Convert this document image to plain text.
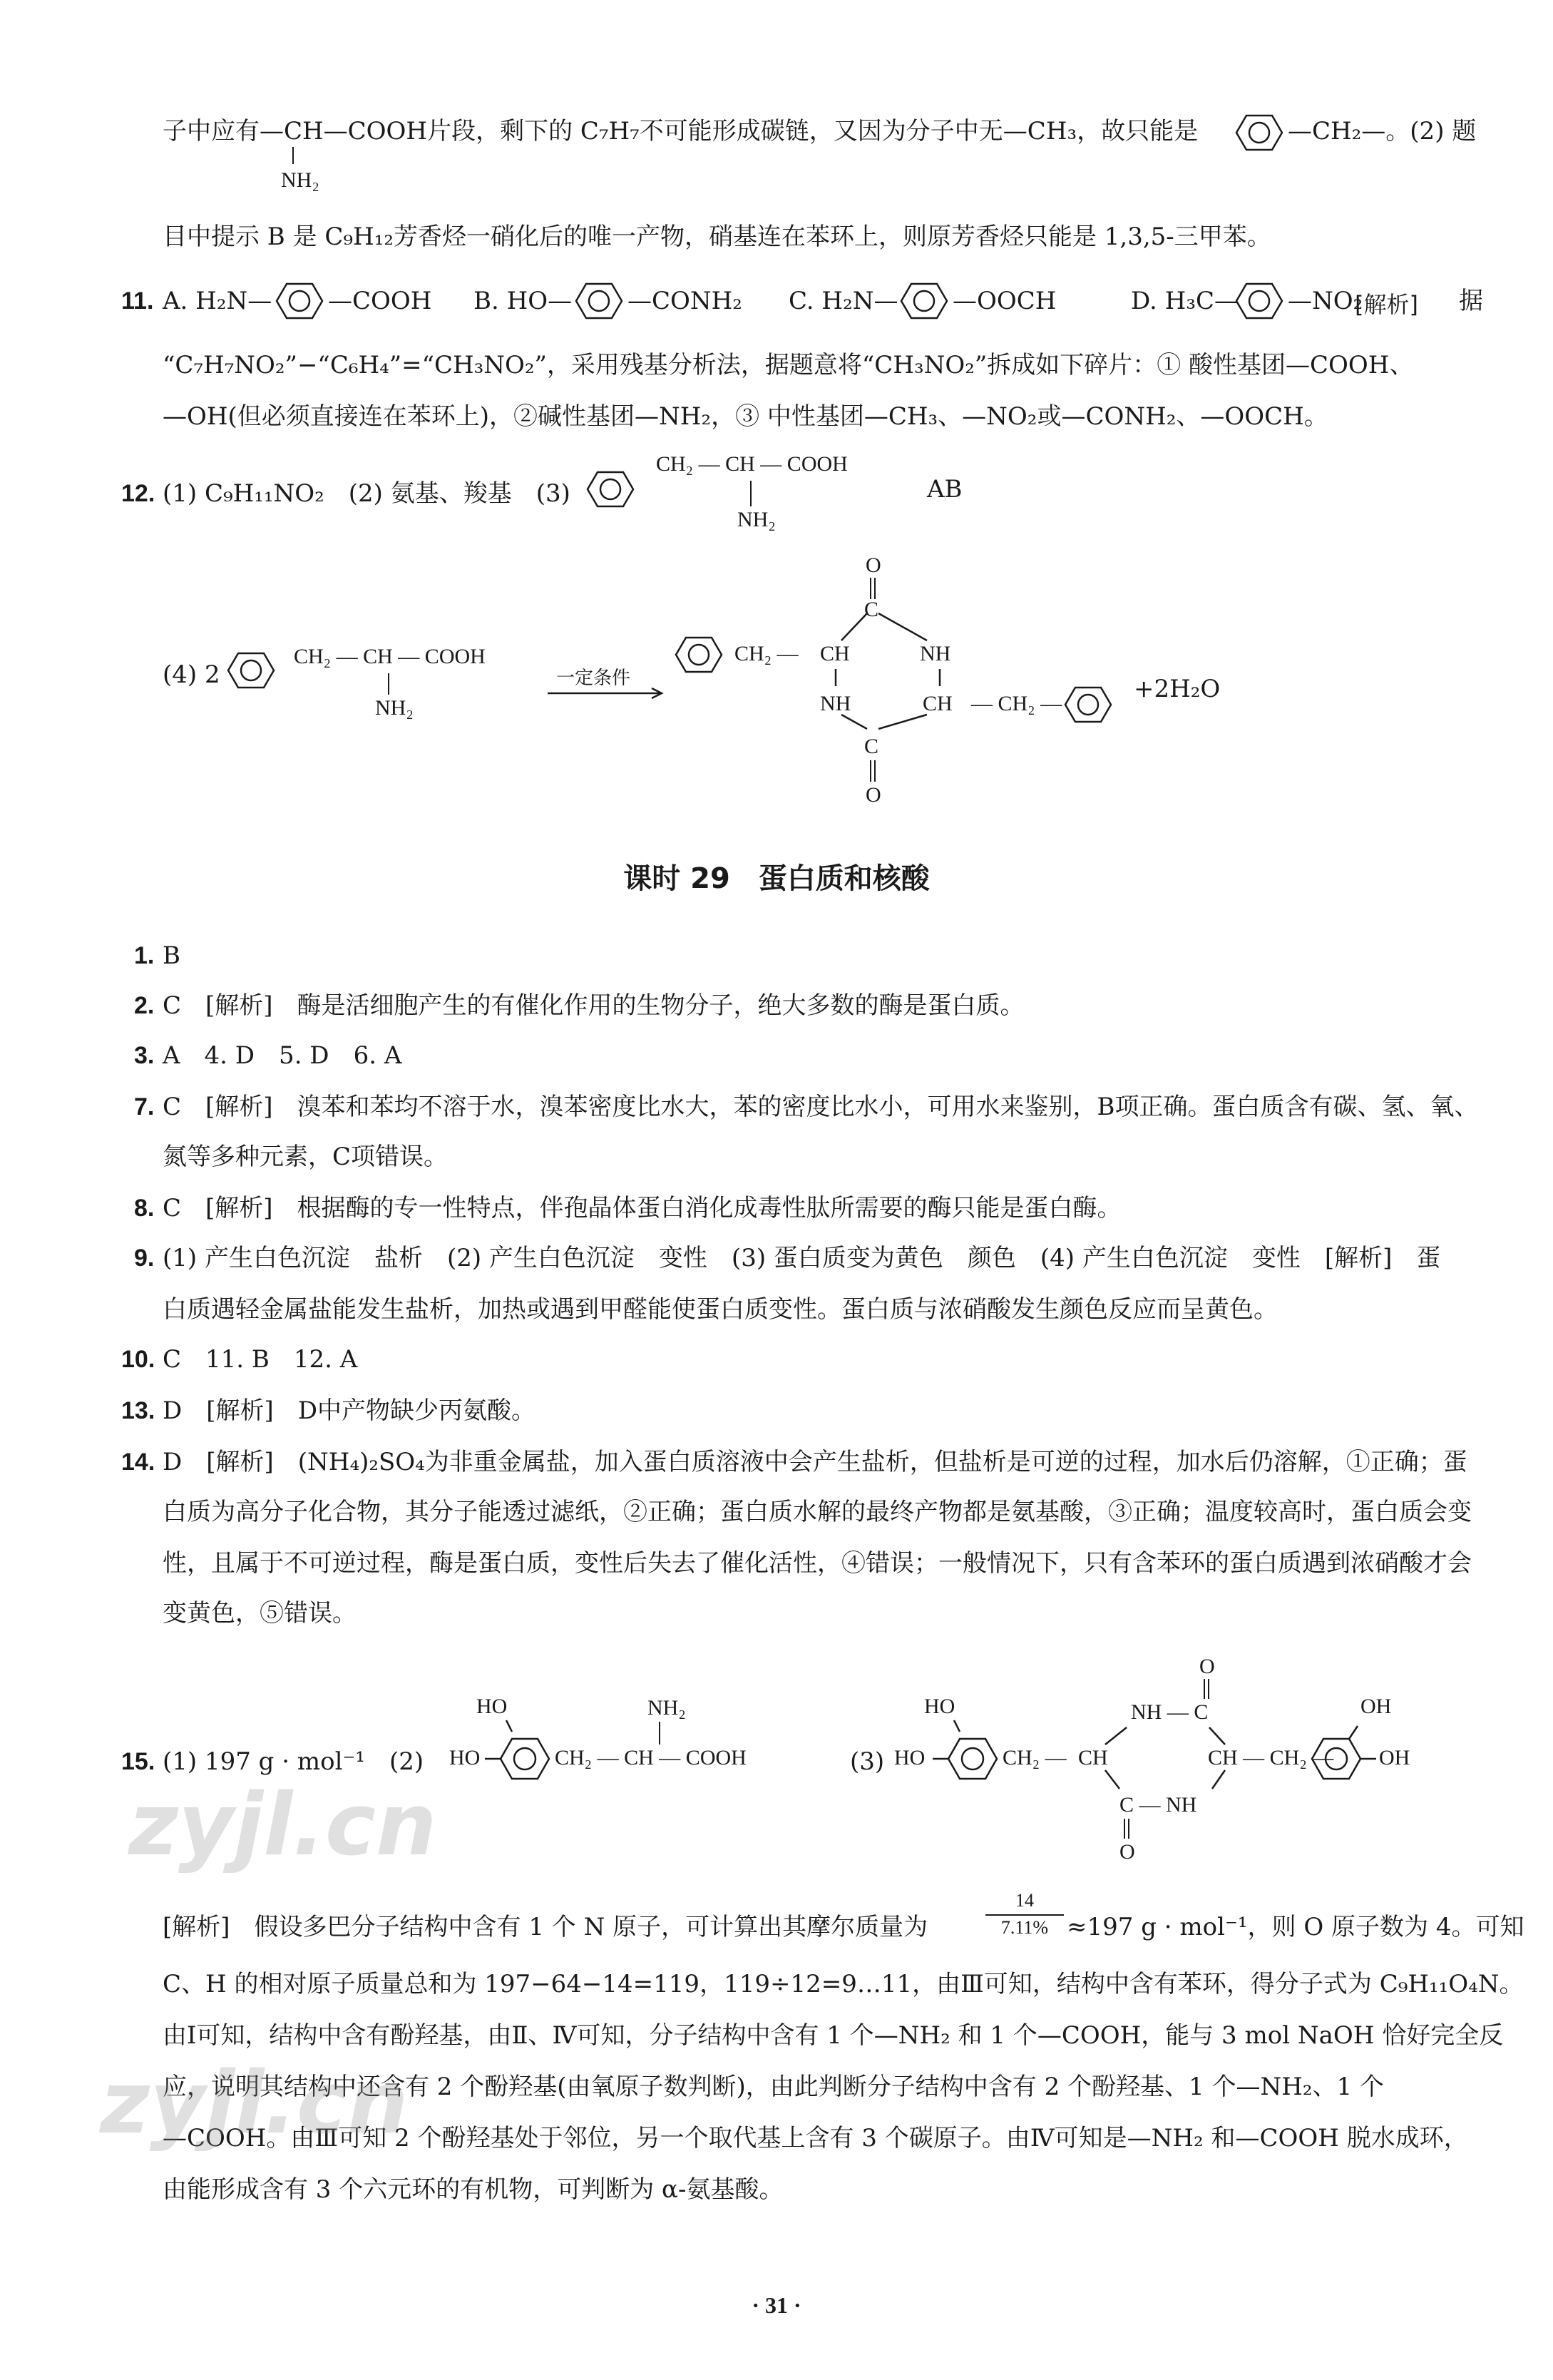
子中应有—CH—COOH片段，剩下的 C₇H₇不可能形成碳链，又因为分子中无—CH₃，故只能是	—CH₂—。(2) 题
NH₂
目中提示 B 是 C₉H₁₂芳香烃一硝化后的唯一产物，硝基连在苯环上，则原芳香烃只能是 1,3,5-三甲苯。
11. A. H₂N— —COOH B. HO— —CONH₂ C. H₂N— —OOCH	D. H₃C— —NO₂
[解析] 据
“C₇H₇NO₂”−“C₆H₄”=“CH₃NO₂”，采用残基分析法，据题意将“CH₃NO₂”拆成如下碎片：① 酸性基团—COOH、
—OH(但必须直接连在苯环上)，②碱性基团—NH₂，③ 中性基团—CH₃、—NO₂或—CONH₂、—OOCH。
12. (1) C₉H₁₁NO₂　(2) 氨基、羧基　(3)
CH₂ — CH — COOH
NH₂
AB
(4) 2
CH₂ — CH — COOH
NH₂
一定条件
O
C
CH₂ — CH	NH
NH	CH — CH₂ —
+2H₂O
C
O
课时 29　蛋白质和核酸
1. B
2. C　[解析]　酶是活细胞产生的有催化作用的生物分子，绝大多数的酶是蛋白质。
3. A　4. D　5. D　6. A
7. C　[解析]　溴苯和苯均不溶于水，溴苯密度比水大，苯的密度比水小，可用水来鉴别，B项正确。蛋白质含有碳、氢、氧、
氮等多种元素，C项错误。
8. C　[解析]　根据酶的专一性特点，伴孢晶体蛋白消化成毒性肽所需要的酶只能是蛋白酶。
9. (1) 产生白色沉淀　盐析　(2) 产生白色沉淀　变性　(3) 蛋白质变为黄色　颜色　(4) 产生白色沉淀　变性　[解析]　蛋
白质遇轻金属盐能发生盐析，加热或遇到甲醛能使蛋白质变性。蛋白质与浓硝酸发生颜色反应而呈黄色。
10. C　11. B　12. A
13. D　[解析]　D中产物缺少丙氨酸。
14. D　[解析]　(NH₄)₂SO₄为非重金属盐，加入蛋白质溶液中会产生盐析，但盐析是可逆的过程，加水后仍溶解，①正确；蛋
白质为高分子化合物，其分子能透过滤纸，②正确；蛋白质水解的最终产物都是氨基酸，③正确；温度较高时，蛋白质会变
性，且属于不可逆过程，酶是蛋白质，变性后失去了催化活性，④错误；一般情况下，只有含苯环的蛋白质遇到浓硝酸才会
变黄色，⑤错误。
15. (1) 197 g · mol⁻¹　(2)
HO
HO	CH₂ — CH — COOH
NH₂
(3)
HO
HO	CH₂ — CH
NH — C
O
CH — CH₂ —
OH
OH
C — NH
O
[解析]　假设多巴分子结构中含有 1 个 N 原子，可计算出其摩尔质量为
14
7.11% ≈197 g · mol⁻¹，则 O 原子数为 4。可知
C、H 的相对原子质量总和为 197−64−14=119，119÷12=9…11，由Ⅲ可知，结构中含有苯环，得分子式为 C₉H₁₁O₄N。
由Ⅰ可知，结构中含有酚羟基，由Ⅱ、Ⅳ可知，分子结构中含有 1 个—NH₂ 和 1 个—COOH，能与 3 mol NaOH 恰好完全反
应，说明其结构中还含有 2 个酚羟基(由氧原子数判断)，由此判断分子结构中含有 2 个酚羟基、1 个—NH₂、1 个
—COOH。由Ⅲ可知 2 个酚羟基处于邻位，另一个取代基上含有 3 个碳原子。由Ⅳ可知是—NH₂ 和—COOH 脱水成环，
由能形成含有 3 个六元环的有机物，可判断为 α-氨基酸。
zyjl.cn
zyjl.cn
· 31 ·
